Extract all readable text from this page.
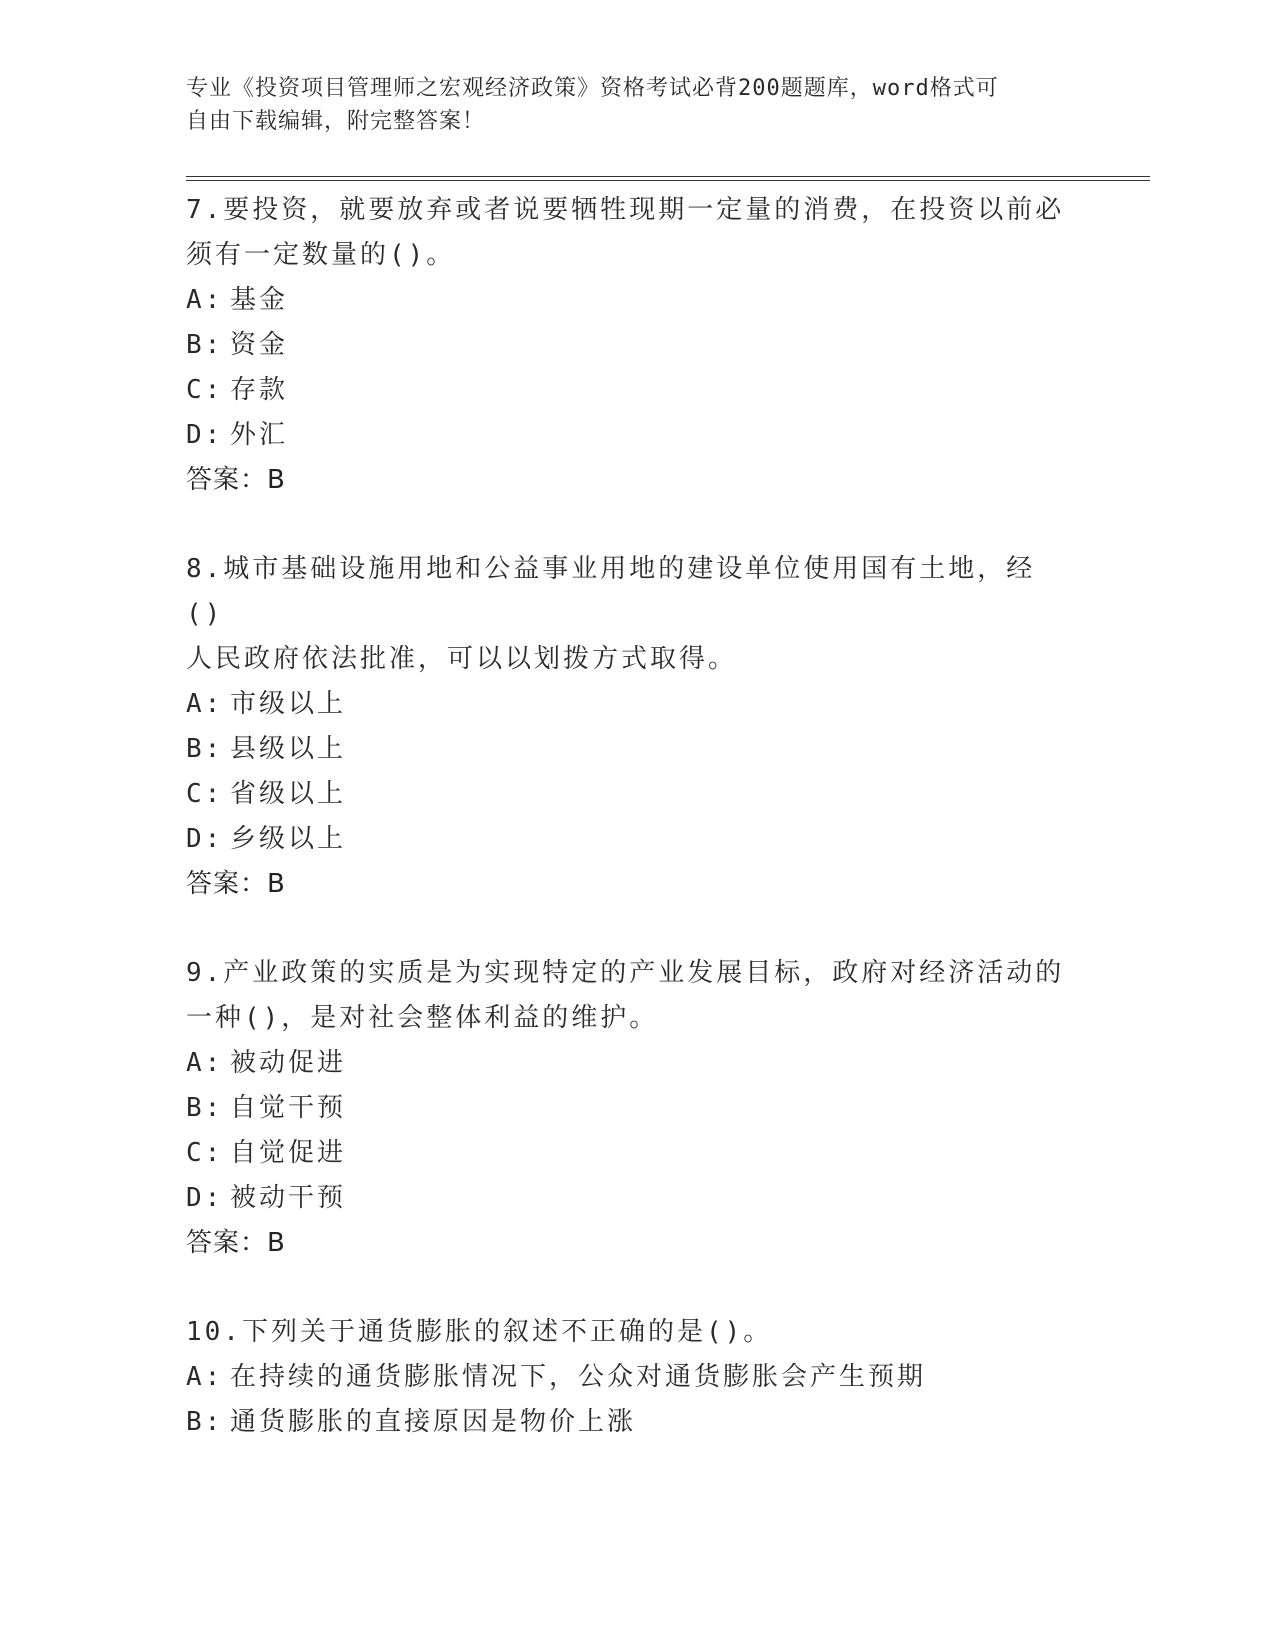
专业《投资项目管理师之宏观经济政策》资格考试必背200题题库，word格式可
自由下载编辑，附完整答案！
7.要投资，就要放弃或者说要牺牲现期一定量的消费，在投资以前必
须有一定数量的()。
A: 基金
B: 资金
C: 存款
D: 外汇
答案：B
8.城市基础设施用地和公益事业用地的建设单位使用国有土地，经()
人民政府依法批准，可以以划拨方式取得。
A: 市级以上
B: 县级以上
C: 省级以上
D: 乡级以上
答案：B
9.产业政策的实质是为实现特定的产业发展目标，政府对经济活动的
一种()，是对社会整体利益的维护。
A: 被动促进
B: 自觉干预
C: 自觉促进
D: 被动干预
答案：B
10.下列关于通货膨胀的叙述不正确的是()。
A: 在持续的通货膨胀情况下，公众对通货膨胀会产生预期
B: 通货膨胀的直接原因是物价上涨
